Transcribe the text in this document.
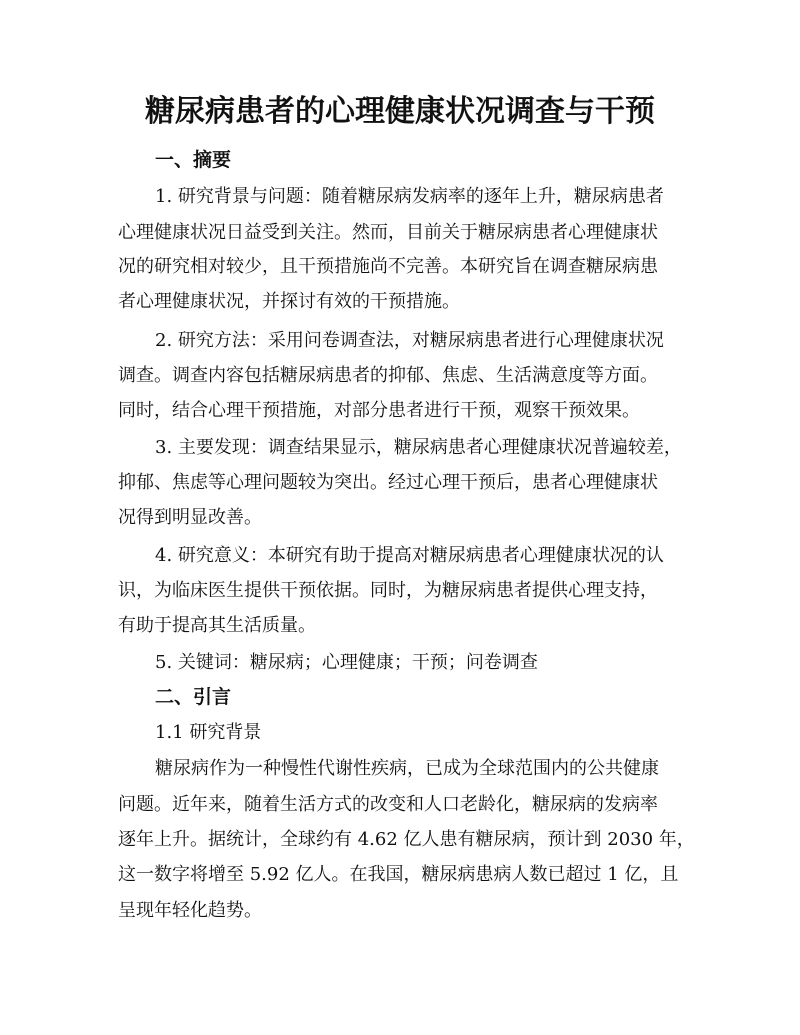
糖尿病患者的心理健康状况调查与干预
一、摘要
1. 研究背景与问题：随着糖尿病发病率的逐年上升，糖尿病患者
心理健康状况日益受到关注。然而，目前关于糖尿病患者心理健康状
况的研究相对较少，且干预措施尚不完善。本研究旨在调查糖尿病患
者心理健康状况，并探讨有效的干预措施。
2. 研究方法：采用问卷调查法，对糖尿病患者进行心理健康状况
调查。调查内容包括糖尿病患者的抑郁、焦虑、生活满意度等方面。
同时，结合心理干预措施，对部分患者进行干预，观察干预效果。
3. 主要发现：调查结果显示，糖尿病患者心理健康状况普遍较差，
抑郁、焦虑等心理问题较为突出。经过心理干预后，患者心理健康状
况得到明显改善。
4. 研究意义：本研究有助于提高对糖尿病患者心理健康状况的认
识，为临床医生提供干预依据。同时，为糖尿病患者提供心理支持，
有助于提高其生活质量。
5. 关键词：糖尿病；心理健康；干预；问卷调查
二、引言
1.1 研究背景
糖尿病作为一种慢性代谢性疾病，已成为全球范围内的公共健康
问题。近年来，随着生活方式的改变和人口老龄化，糖尿病的发病率
逐年上升。据统计，全球约有 4.62 亿人患有糖尿病，预计到 2030 年，
这一数字将增至 5.92 亿人。在我国，糖尿病患病人数已超过 1 亿，且
呈现年轻化趋势。
